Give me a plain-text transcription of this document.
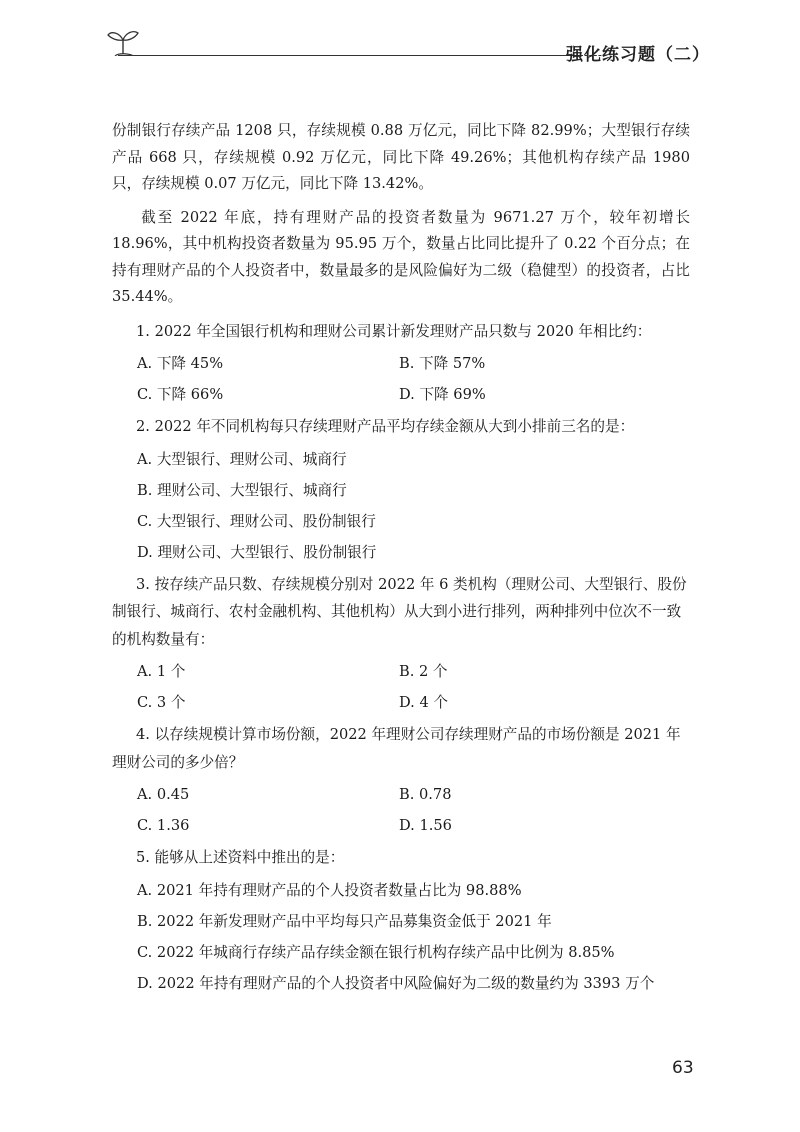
强化练习题（二）

份制银行存续产品 1208 只，存续规模 0.88 万亿元，同比下降 82.99%；大型银行存续产品 668 只，存续规模 0.92 万亿元，同比下降 49.26%；其他机构存续产品 1980 只，存续规模 0.07 万亿元，同比下降 13.42%。

截至 2022 年底，持有理财产品的投资者数量为 9671.27 万个，较年初增长 18.96%，其中机构投资者数量为 95.95 万个，数量占比同比提升了 0.22 个百分点；在持有理财产品的个人投资者中，数量最多的是风险偏好为二级（稳健型）的投资者，占比 35.44%。

1. 2022 年全国银行机构和理财公司累计新发理财产品只数与 2020 年相比约：
A. 下降 45%	B. 下降 57%
C. 下降 66%	D. 下降 69%
2. 2022 年不同机构每只存续理财产品平均存续金额从大到小排前三名的是：
A. 大型银行、理财公司、城商行
B. 理财公司、大型银行、城商行
C. 大型银行、理财公司、股份制银行
D. 理财公司、大型银行、股份制银行
3. 按存续产品只数、存续规模分别对 2022 年 6 类机构（理财公司、大型银行、股份制银行、城商行、农村金融机构、其他机构）从大到小进行排列，两种排列中位次不一致的机构数量有：
A. 1 个	B. 2 个
C. 3 个	D. 4 个
4. 以存续规模计算市场份额，2022 年理财公司存续理财产品的市场份额是 2021 年理财公司的多少倍？
A. 0.45	B. 0.78
C. 1.36	D. 1.56
5. 能够从上述资料中推出的是：
A. 2021 年持有理财产品的个人投资者数量占比为 98.88%
B. 2022 年新发理财产品中平均每只产品募集资金低于 2021 年
C. 2022 年城商行存续产品存续金额在银行机构存续产品中比例为 8.85%
D. 2022 年持有理财产品的个人投资者中风险偏好为二级的数量约为 3393 万个
63
